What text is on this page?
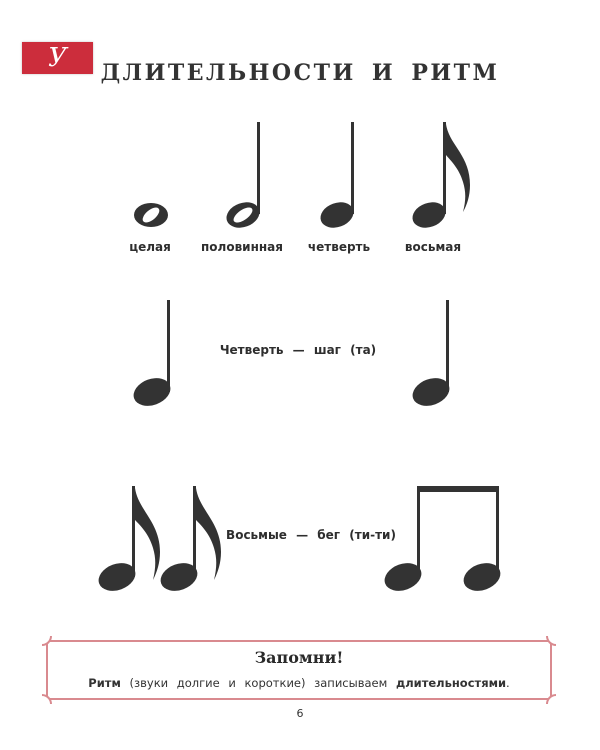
У	ДЛИТЕЛЬНОСТИ И РИТМ
целая	половинная	четверть	восьмая
Четверть — шаг (та)
Восьмые — бег (ти-ти)
Запомни!
Ритм (звуки долгие и короткие) записываем длительностями.
6
